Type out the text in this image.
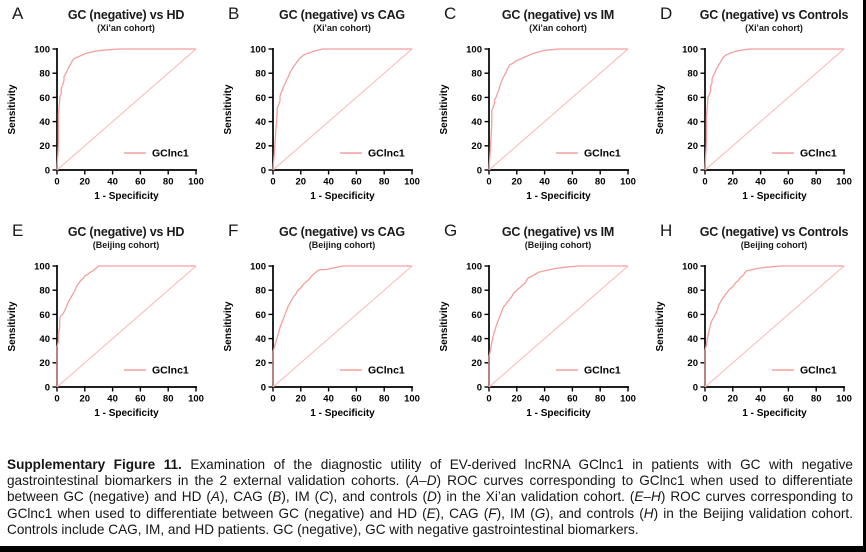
A	GC (negative) vs HD
(Xi'an cohort)
0
0
20
20
40
40
60
60
80
80
100
100
GClnc1
1 - Specificity
Sensitivity
B	GC (negative) vs CAG
(Xi'an cohort)
0
0
20
20
40
40
60
60
80
80
100
100
GClnc1
1 - Specificity
Sensitivity
C	GC (negative) vs IM
(Xi'an cohort)
0
0
20
20
40
40
60
60
80
80
100
100
GClnc1
1 - Specificity
Sensitivity
D	GC (negative) vs Controls
(Xi'an cohort)
0
0
20
20
40
40
60
60
80
80
100
100
GClnc1
1 - Specificity
Sensitivity
E	GC (negative) vs HD
(Beijing cohort)
0
0
20
20
40
40
60
60
80
80
100
100
GClnc1
1 - Specificity
Sensitivity
F	GC (negative) vs CAG
(Beijing cohort)
0
0
20
20
40
40
60
60
80
80
100
100
GClnc1
1 - Specificity
Sensitivity
G	GC (negative) vs IM
(Beijing cohort)
0
0
20
20
40
40
60
60
80
80
100
100
GClnc1
1 - Specificity
Sensitivity
H	GC (negative) vs Controls
(Beijing cohort)
0
0
20
20
40
40
60
60
80
80
100
100
GClnc1
1 - Specificity
Sensitivity

Supplementary Figure 11. Examination of the diagnostic utility of EV-derived lncRNA GClnc1 in patients with GC with negative gastrointestinal biomarkers in the 2 external validation cohorts. (A–D) ROC curves corresponding to GClnc1 when used to differentiate between GC (negative) and HD (A), CAG (B), IM (C), and controls (D) in the Xi’an validation cohort. (E–H) ROC curves corresponding to GClnc1 when used to differentiate between GC (negative) and HD (E), CAG (F), IM (G), and controls (H) in the Beijing validation cohort. Controls include CAG, IM, and HD patients. GC (negative), GC with negative gastrointestinal biomarkers.
